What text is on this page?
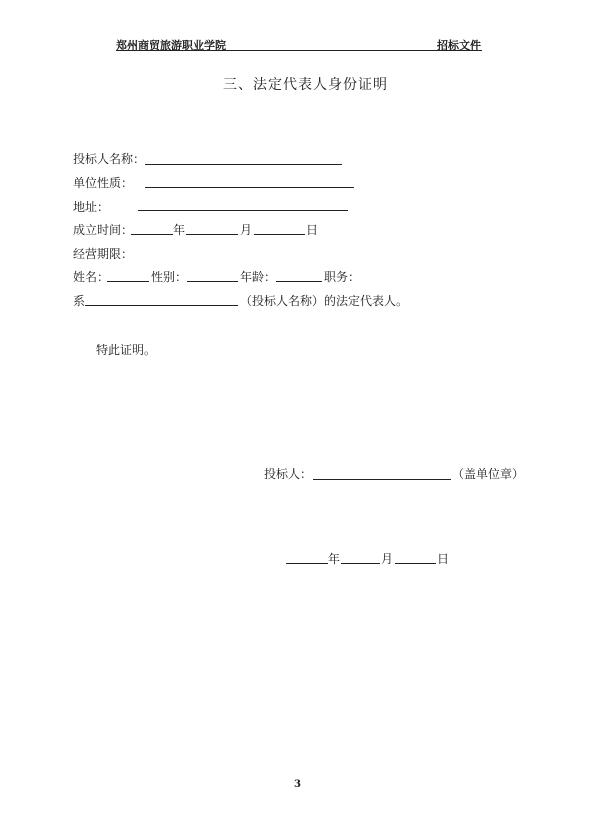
郑州商贸旅游职业学院	招标文件
三、法定代表人身份证明
投标人名称：
单位性质：
地址：
成立时间：	年	月	日
经营期限：
姓名：	性别：	年龄：	职务：
系	（投标人名称）的法定代表人。
特此证明。
投标人：	（盖单位章）
年	月	日
3
